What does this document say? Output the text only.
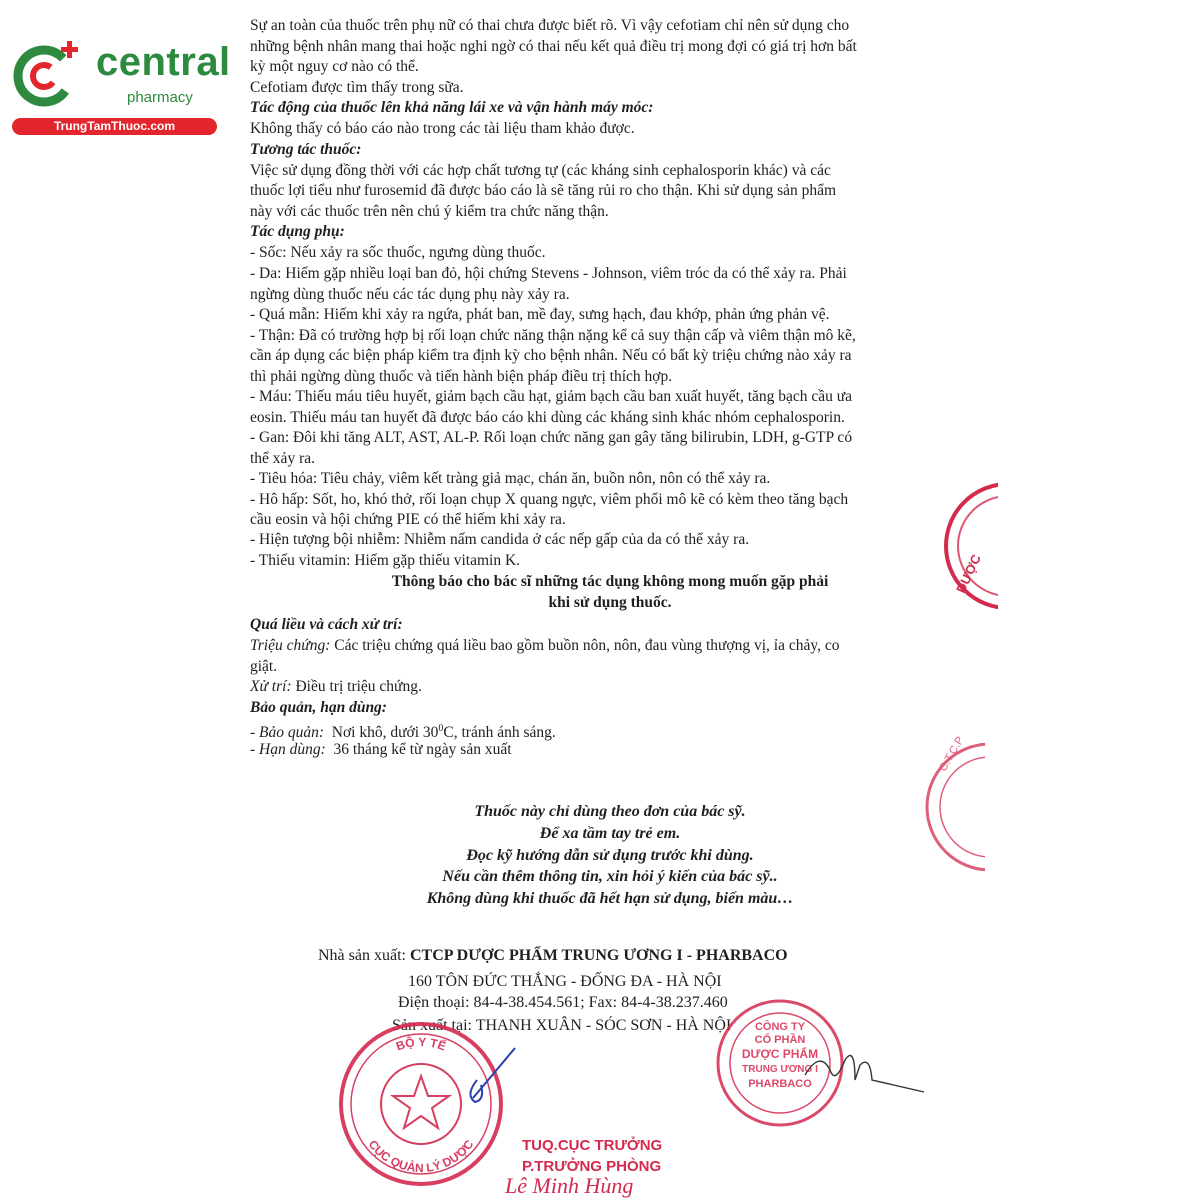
central
pharmacy
TrungTamThuoc.com
Sự an toàn của thuốc trên phụ nữ có thai chưa được biết rõ. Vì vậy cefotiam chỉ nên sử dụng cho
những bệnh nhân mang thai hoặc nghi ngờ có thai nếu kết quả điều trị mong đợi có giá trị hơn bất
kỳ một nguy cơ nào có thể.
Cefotiam được tìm thấy trong sữa.
Tác động của thuốc lên khả năng lái xe và vận hành máy móc:
Không thấy có báo cáo nào trong các tài liệu tham khảo được.
Tương tác thuốc:
Việc sử dụng đồng thời với các hợp chất tương tự (các kháng sinh cephalosporin khác) và các
thuốc lợi tiểu như furosemid đã được báo cáo là sẽ tăng rủi ro cho thận. Khi sử dụng sản phẩm
này với các thuốc trên nên chú ý kiểm tra chức năng thận.
Tác dụng phụ:
- Sốc: Nếu xảy ra sốc thuốc, ngưng dùng thuốc.
- Da: Hiếm gặp nhiều loại ban đỏ, hội chứng Stevens - Johnson, viêm tróc da có thể xảy ra. Phải
ngừng dùng thuốc nếu các tác dụng phụ này xảy ra.
- Quá mẫn: Hiếm khi xảy ra ngứa, phát ban, mề đay, sưng hạch, đau khớp, phản ứng phản vệ.
- Thận: Đã có trường hợp bị rối loạn chức năng thận nặng kể cả suy thận cấp và viêm thận mô kẽ,
cần áp dụng các biện pháp kiểm tra định kỳ cho bệnh nhân. Nếu có bất kỳ triệu chứng nào xảy ra
thì phải ngừng dùng thuốc và tiến hành biện pháp điều trị thích hợp.
- Máu: Thiếu máu tiêu huyết, giảm bạch cầu hạt, giảm bạch cầu ban xuất huyết, tăng bạch cầu ưa
eosin. Thiếu máu tan huyết đã được báo cáo khi dùng các kháng sinh khác nhóm cephalosporin.
- Gan: Đôi khi tăng ALT, AST, AL-P. Rối loạn chức năng gan gây tăng bilirubin, LDH, g-GTP có
thể xảy ra.
- Tiêu hóa: Tiêu chảy, viêm kết tràng giả mạc, chán ăn, buồn nôn, nôn có thể xảy ra.
- Hô hấp: Sốt, ho, khó thở, rối loạn chụp X quang ngực, viêm phổi mô kẽ có kèm theo tăng bạch
cầu eosin và hội chứng PIE có thể hiếm khi xảy ra.
- Hiện tượng bội nhiễm: Nhiễm nấm candida ở các nếp gấp của da có thể xảy ra.
- Thiếu vitamin: Hiếm gặp thiếu vitamin K.
Thông báo cho bác sĩ những tác dụng không mong muốn gặp phải
khi sử dụng thuốc.
Quá liều và cách xử trí:
Triệu chứng: Các triệu chứng quá liều bao gồm buồn nôn, nôn, đau vùng thượng vị, ỉa chảy, co
giật.
Xử trí: Điều trị triệu chứng.
Bảo quản, hạn dùng:
- Bảo quản:  Nơi khô, dưới $30^0C$, tránh ánh sáng.
- Hạn dùng:  36 tháng kể từ ngày sản xuất
Thuốc này chỉ dùng theo đơn của bác sỹ.
Để xa tầm tay trẻ em.
Đọc kỹ hướng dẫn sử dụng trước khi dùng.
Nếu cần thêm thông tin, xin hỏi ý kiến của bác sỹ..
Không dùng khi thuốc đã hết hạn sử dụng, biến màu…
Nhà sản xuất: CTCP DƯỢC PHẨM TRUNG ƯƠNG I - PHARBACO
160 TÔN ĐỨC THẮNG - ĐỐNG ĐA - HÀ NỘI
Điện thoại: 84-4-38.454.561; Fax: 84-4-38.237.460
Sản xuất tại: THANH XUÂN - SÓC SƠN - HÀ NỘI
DƯỢC
C.T.C.P
BỘ Y TẾ
CỤC QUẢN LÝ DƯỢC
CÔNG TY
CỔ PHẦN
DƯỢC PHẨM
TRUNG ƯƠNG I
PHARBACO
TUQ.CỤC TRƯỞNG
P.TRƯỞNG PHÒNG
Lê Minh Hùng
